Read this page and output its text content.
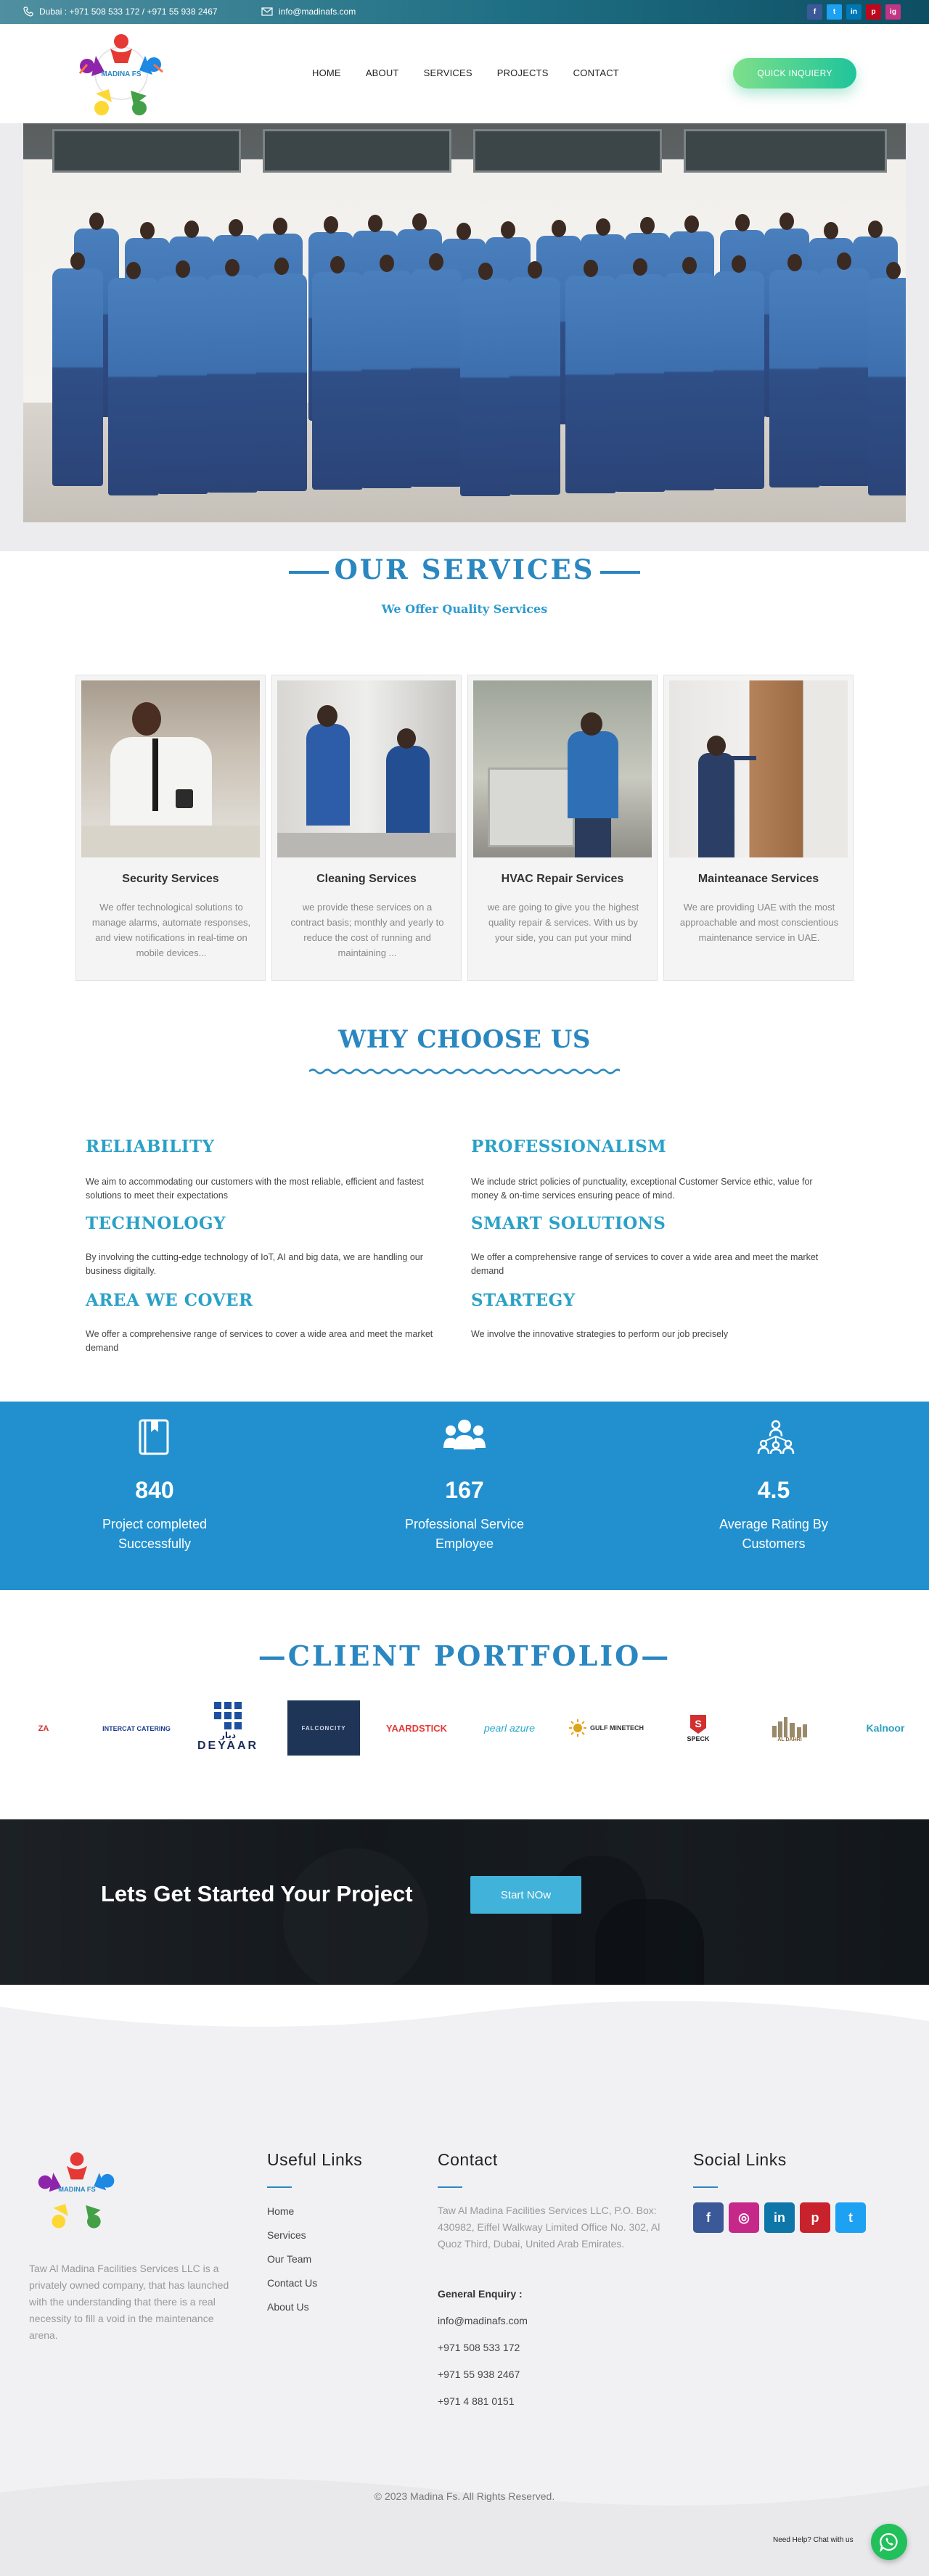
Dubai : +971 508 533 172 / +971 55 938 2467	info@madinafs.com	f	t	in	p	ig
MADINA FS	HOME	ABOUT	SERVICES	PROJECTS	CONTACT	QUICK INQUIERY
OUR SERVICES
We Offer Quality Services
Security Services

We offer technological solutions to manage alarms, automate responses, and view notifications in real-time on mobile devices...

Cleaning Services

we provide these services on a contract basis; monthly and yearly to reduce the cost of running and maintaining ...

HVAC Repair Services

we are going to give you the highest quality repair & services. With us by your side, you can put your mind

Mainteanace Services

We are providing UAE with the most approachable and most conscientious maintenance service in UAE.

WHY CHOOSE US
RELIABILITY

We aim to accommodating our customers with the most reliable, efficient and fastest solutions to meet their expectations

PROFESSIONALISM

We include strict policies of punctuality, exceptional Customer Service ethic, value for money & on-time services ensuring peace of mind.

TECHNOLOGY

By involving the cutting-edge technology of IoT, AI and big data, we are handling our business digitally.

SMART SOLUTIONS

We offer a comprehensive range of services to cover a wide area and meet the market demand

AREA WE COVER

We offer a comprehensive range of services to cover a wide area and meet the market demand

STARTEGY

We involve the innovative strategies to perform our job precisely

840
Project completed
Successfully
167
Professional Service
Employee
4.5
Average Rating By
Customers
—CLIENT PORTFOLIO—
ZA	INTERCAT CATERING
ديار
DEYAAR
FALCONCITY	YAARDSTICK	pearl azure	GULF MINETECH	S
SPECK	AL DAHRI
Kalnoor
Lets Get Started Your Project	Start NOw
MADINA FS
Taw Al Madina Facilities Services LLC is a privately owned company, that has launched with the understanding that there is a real necessity to fill a void in the maintenance arena.
Useful Links
Home
Services
Our Team
Contact Us
About Us
Contact
Taw Al Madina Facilities Services LLC, P.O. Box: 430982, Eiffel Walkway Limited Office No. 302, Al Quoz Third, Dubai, United Arab Emirates.
General Enquiry :
info@madinafs.com
+971 508 533 172
+971 55 938 2467
+971 4 881 0151
Social Links
f	◎	in	p	t
© 2023 Madina Fs. All Rights Reserved.
Need Help? Chat with us
